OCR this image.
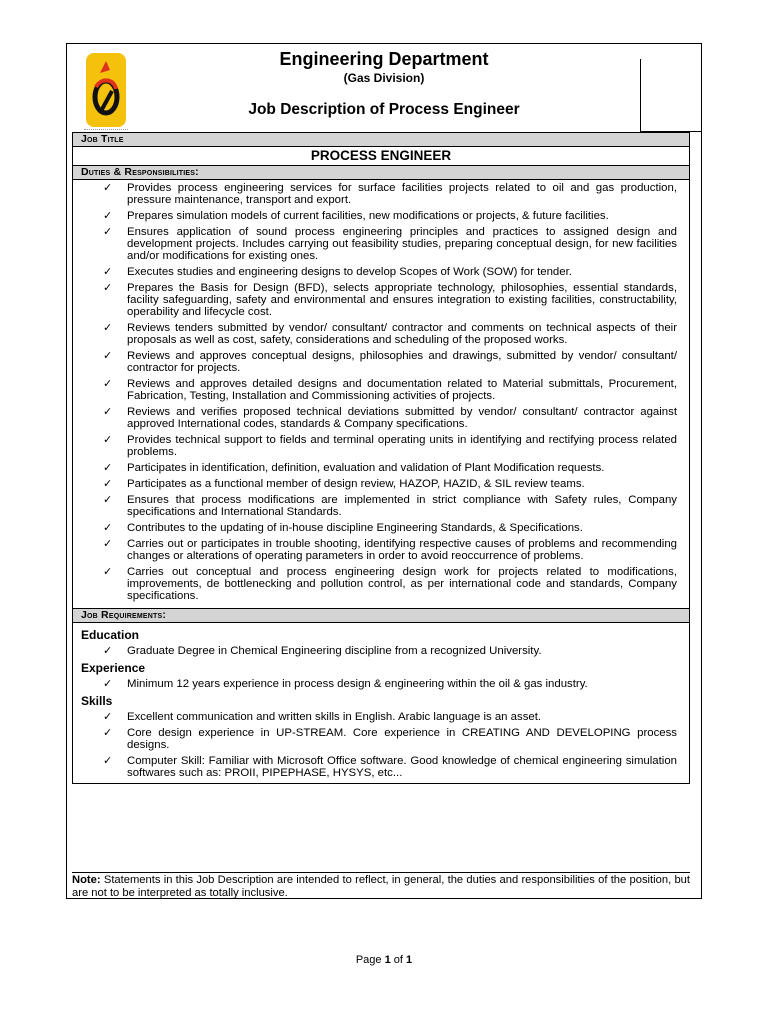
Engineering Department
(Gas Division)
Job Description of Process Engineer
Job Title
PROCESS ENGINEER
Duties & Responsibilities:
✓ Provides process engineering services for surface facilities projects related to oil and gas production, pressure maintenance, transport and export.
✓ Prepares simulation models of current facilities, new modifications or projects, & future facilities.
✓ Ensures application of sound process engineering principles and practices to assigned design and development projects. Includes carrying out feasibility studies, preparing conceptual design, for new facilities and/or modifications for existing ones.
✓ Executes studies and engineering designs to develop Scopes of Work (SOW) for tender.
✓ Prepares the Basis for Design (BFD), selects appropriate technology, philosophies, essential standards, facility safeguarding, safety and environmental and ensures integration to existing facilities, constructability, operability and lifecycle cost.
✓ Reviews tenders submitted by vendor/ consultant/ contractor and comments on technical aspects of their proposals as well as cost, safety, considerations and scheduling of the proposed works.
✓ Reviews and approves conceptual designs, philosophies and drawings, submitted by vendor/ consultant/ contractor for projects.
✓ Reviews and approves detailed designs and documentation related to Material submittals, Procurement, Fabrication, Testing, Installation and Commissioning activities of projects.
✓ Reviews and verifies proposed technical deviations submitted by vendor/ consultant/ contractor against approved International codes, standards & Company specifications.
✓ Provides technical support to fields and terminal operating units in identifying and rectifying process related problems.
✓ Participates in identification, definition, evaluation and validation of Plant Modification requests.
✓ Participates as a functional member of design review, HAZOP, HAZID, & SIL review teams.
✓ Ensures that process modifications are implemented in strict compliance with Safety rules, Company specifications and International Standards.
✓ Contributes to the updating of in-house discipline Engineering Standards, & Specifications.
✓ Carries out or participates in trouble shooting, identifying respective causes of problems and recommending changes or alterations of operating parameters in order to avoid reoccurrence of problems.
✓ Carries out conceptual and process engineering design work for projects related to modifications, improvements, de bottlenecking and pollution control, as per international code and standards, Company specifications.
Job Requirements:
Education
✓ Graduate Degree in Chemical Engineering discipline from a recognized University.
Experience
✓ Minimum 12 years experience in process design & engineering within the oil & gas industry.
Skills
✓ Excellent communication and written skills in English. Arabic language is an asset.
✓ Core design experience in UP-STREAM. Core experience in CREATING AND DEVELOPING process designs.
✓ Computer Skill: Familiar with Microsoft Office software. Good knowledge of chemical engineering simulation softwares such as: PROII, PIPEPHASE, HYSYS, etc...
Note: Statements in this Job Description are intended to reflect, in general, the duties and responsibilities of the position, but are not to be interpreted as totally inclusive.
Page 1 of 1
